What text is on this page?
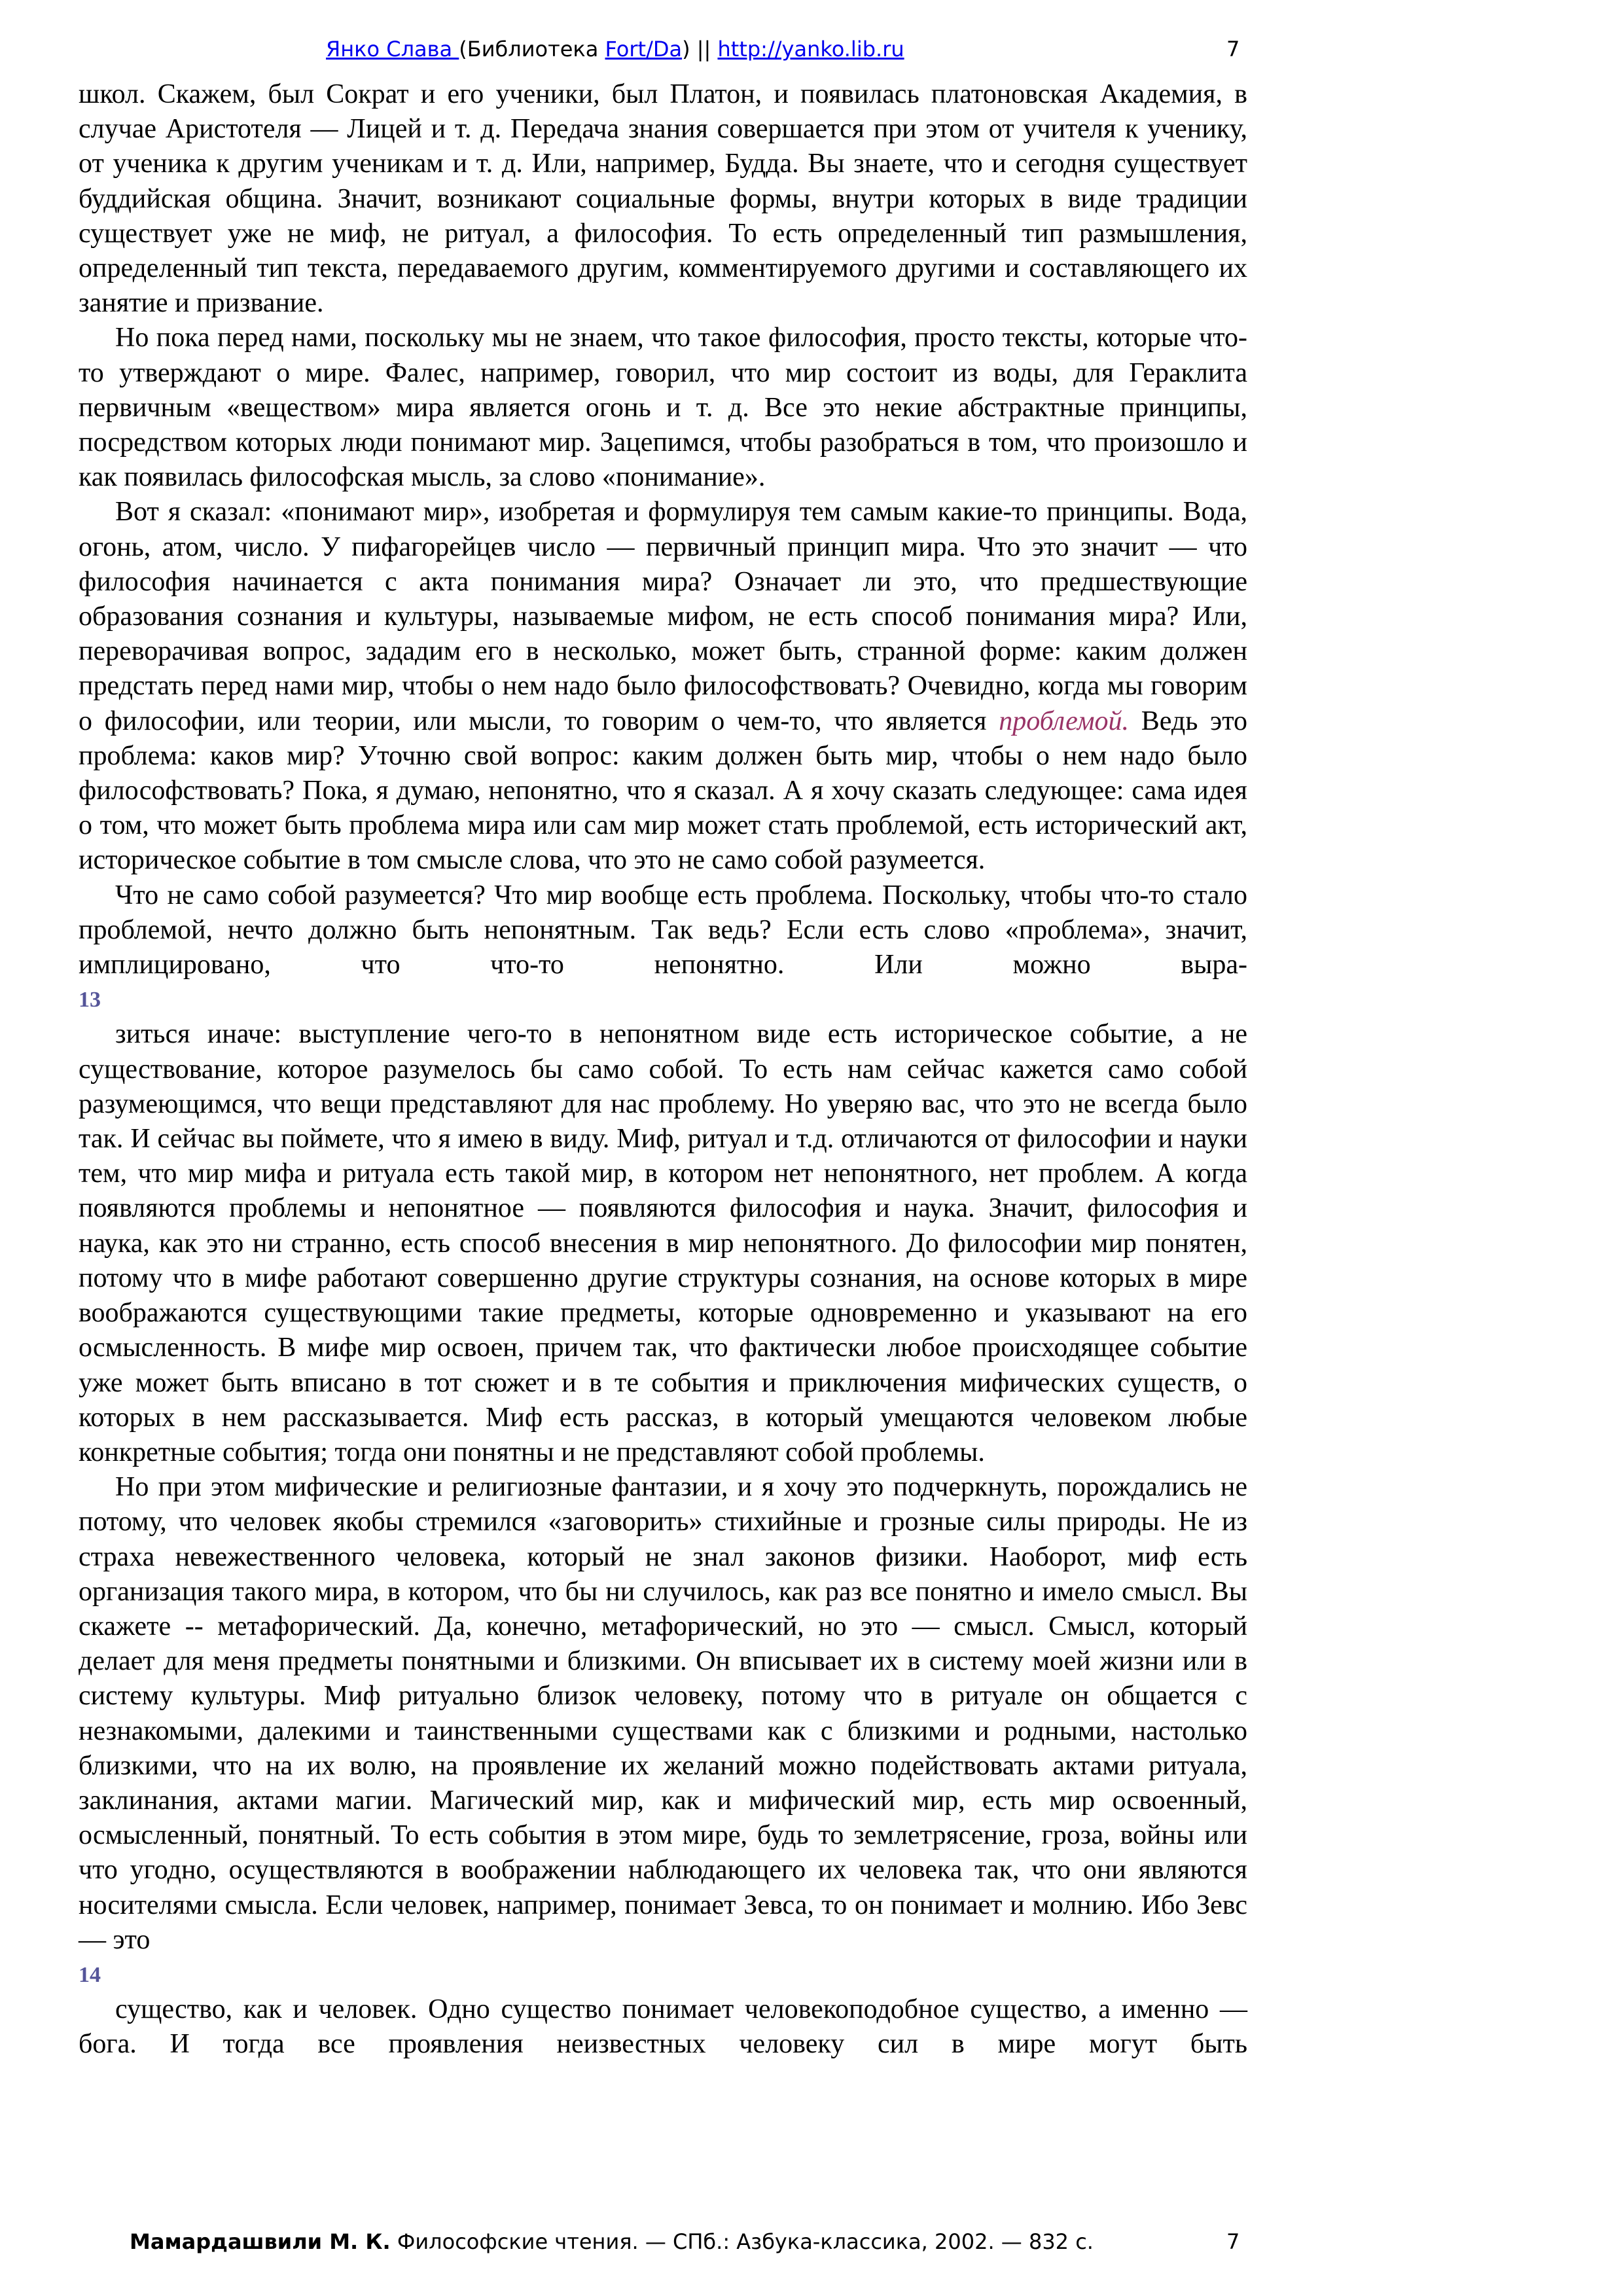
Янко Слава (Библиотека Fort/Da) || http://yanko.lib.ru	7

школ. Скажем, был Сократ и его ученики, был Платон, и появилась платоновская Академия, в случае Аристотеля — Лицей и т. д. Передача знания совершается при этом от учителя к ученику, от ученика к другим ученикам и т. д. Или, например, Будда. Вы знаете, что и сегодня существует буддийская община. Значит, возникают социальные формы, внутри которых в виде традиции существует уже не миф, не ритуал, а философия. То есть определенный тип размышления, определенный тип текста, передаваемого другим, комментируемого другими и составляющего их занятие и призвание.

Но пока перед нами, поскольку мы не знаем, что такое философия, просто тексты, которые что-то утверждают о мире. Фалес, например, говорил, что мир состоит из воды, для Гераклита первичным «веществом» мира является огонь и т. д. Все это некие абстрактные принципы, посредством которых люди понимают мир. Зацепимся, чтобы разобраться в том, что произошло и как появилась философская мысль, за слово «понимание».

Вот я сказал: «понимают мир», изобретая и формулируя тем самым какие-то принципы. Вода, огонь, атом, число. У пифагорейцев число — первичный принцип мира. Что это значит — что философия начинается с акта понимания мира? Означает ли это, что предшествующие образования сознания и культуры, называемые мифом, не есть способ понимания мира? Или, переворачивая вопрос, зададим его в несколько, может быть, странной форме: каким должен предстать перед нами мир, чтобы о нем надо было философствовать? Очевидно, когда мы говорим о философии, или теории, или мысли, то говорим о чем-то, что является проблемой. Ведь это проблема: каков мир? Уточню свой вопрос: каким должен быть мир, чтобы о нем надо было философствовать? Пока, я думаю, непонятно, что я сказал. А я хочу сказать следующее: сама идея о том, что может быть проблема мира или сам мир может стать проблемой, есть исторический акт, историческое событие в том смысле слова, что это не само собой разумеется.

Что не само собой разумеется? Что мир вообще есть проблема. Поскольку, чтобы что-то стало проблемой, нечто должно быть непонятным. Так ведь? Если есть слово «проблема», значит, имплицировано, что что-то непонятно. Или можно выра-

13

зиться иначе: выступление чего-то в непонятном виде есть историческое событие, а не существование, которое разумелось бы само собой. То есть нам сейчас кажется само собой разумеющимся, что вещи представляют для нас проблему. Но уверяю вас, что это не всегда было так. И сейчас вы поймете, что я имею в виду. Миф, ритуал и т.д. отличаются от философии и науки тем, что мир мифа и ритуала есть такой мир, в котором нет непонятного, нет проблем. А когда появляются проблемы и непонятное — появляются философия и наука. Значит, философия и наука, как это ни странно, есть способ внесения в мир непонятного. До философии мир понятен, потому что в мифе работают совершенно другие структуры сознания, на основе которых в мире воображаются существующими такие предметы, которые одновременно и указывают на его осмысленность. В мифе мир освоен, причем так, что фактически любое происходящее событие уже может быть вписано в тот сюжет и в те события и приключения мифических существ, о которых в нем рассказывается. Миф есть рассказ, в который умещаются человеком любые конкретные события; тогда они понятны и не представляют собой проблемы.

Но при этом мифические и религиозные фантазии, и я хочу это подчеркнуть, порождались не потому, что человек якобы стремился «заговорить» стихийные и грозные силы природы. Не из страха невежественного человека, который не знал законов физики. Наоборот, миф есть организация такого мира, в котором, что бы ни случилось, как раз все понятно и имело смысл. Вы скажете -- метафорический. Да, конечно, метафорический, но это — смысл. Смысл, который делает для меня предметы понятными и близкими. Он вписывает их в систему моей жизни или в систему культуры. Миф ритуально близок человеку, потому что в ритуале он общается с незнакомыми, далекими и таинственными существами как с близкими и родными, настолько близкими, что на их волю, на проявление их желаний можно подействовать актами ритуала, заклинания, актами магии. Магический мир, как и мифический мир, есть мир освоенный, осмысленный, понятный. То есть события в этом мире, будь то землетрясение, гроза, войны или что угодно, осуществляются в воображении наблюдающего их человека так, что они являются носителями смысла. Если человек, например, понимает Зевса, то он понимает и молнию. Ибо Зевс — это

14

существо, как и человек. Одно существо понимает человекоподобное существо, а именно — бога. И тогда все проявления неизвестных человеку сил в мире могут быть

Мамардашвили М. К. Философские чтения. — СПб.: Азбука-классика, 2002. — 832 с.	7
